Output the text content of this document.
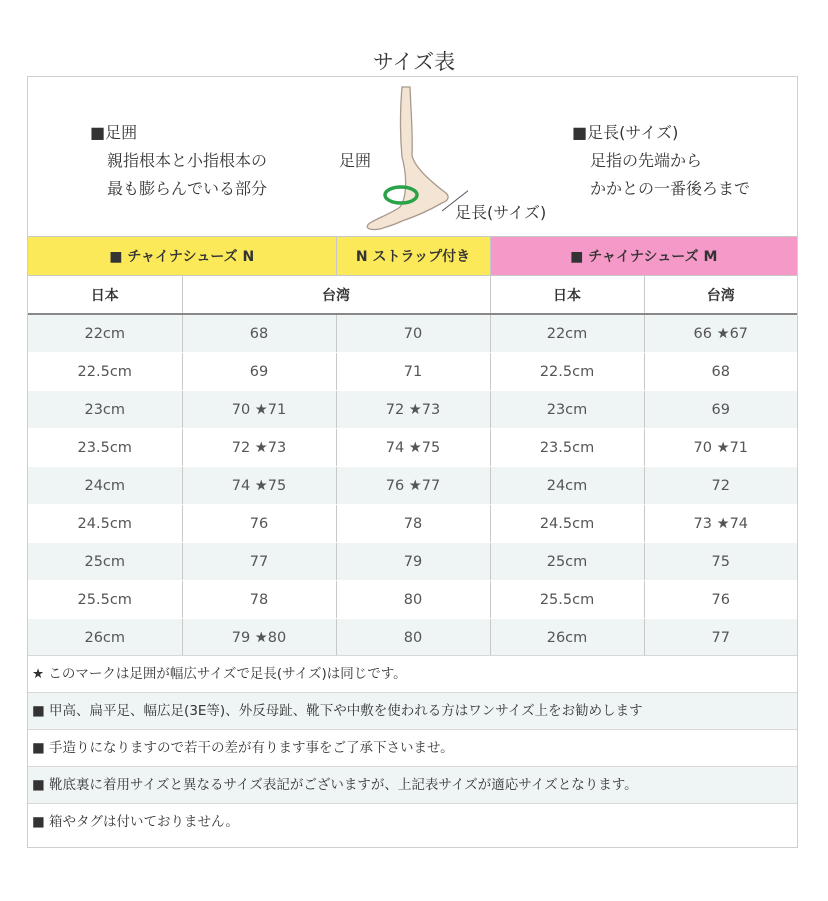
サイズ表
■足囲
親指根本と小指根本の
最も膨らんでいる部分
足囲
足長(サイズ)
■足長(サイズ)
足指の先端から
かかとの一番後ろまで
■ チャイナシューズ N		N ストラップ付き	■ チャイナシューズ M	
日本	台湾		日本	台湾
22cm	68	70	22cm	66 ★67
22.5cm	69	71	22.5cm	68
23cm	70 ★71	72 ★73	23cm	69
23.5cm	72 ★73	74 ★75	23.5cm	70 ★71
24cm	74 ★75	76 ★77	24cm	72
24.5cm	76	78	24.5cm	73 ★74
25cm	77	79	25cm	75
25.5cm	78	80	25.5cm	76
26cm	79 ★80	80	26cm	77
★ このマークは足囲が幅広サイズで足長(サイズ)は同じです。
■ 甲高、扁平足、幅広足(3E等)、外反母趾、靴下や中敷を使われる方はワンサイズ上をお勧めします
■ 手造りになりますので若干の差が有ります事をご了承下さいませ。
■ 靴底裏に着用サイズと異なるサイズ表記がございますが、上記表サイズが適応サイズとなります。
■ 箱やタグは付いておりません。
